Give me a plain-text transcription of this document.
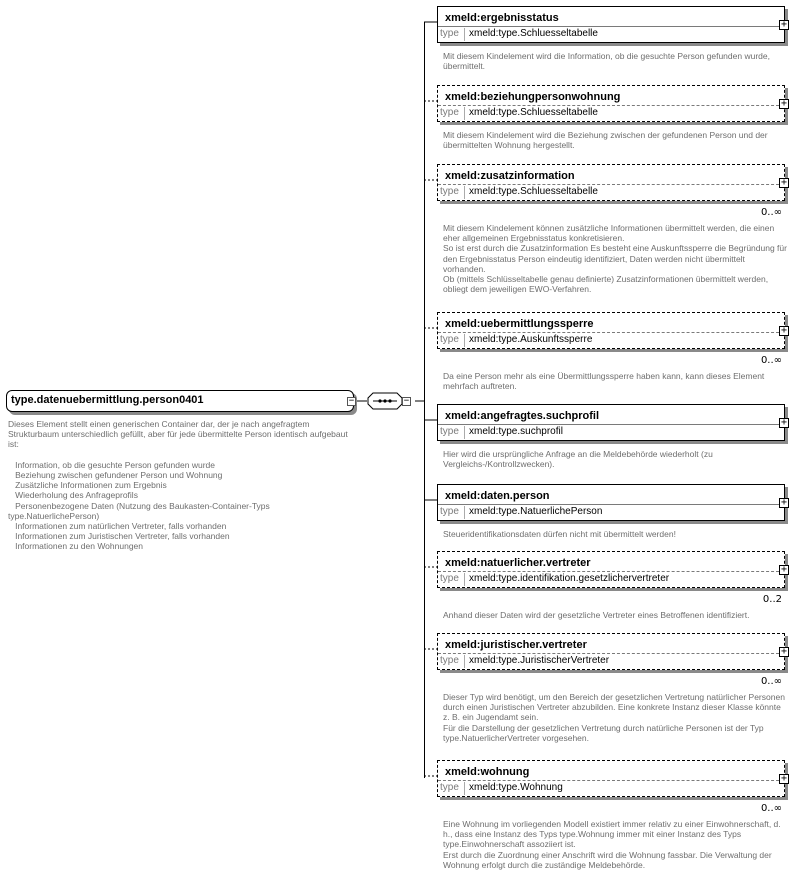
type.datenuebermittlung.person0401	−
Dieses Element stellt einen generischen Container dar, der je nach angefragtem Strukturbaum unterschiedlich gefüllt, aber für jede übermittelte Person identisch aufgebaut ist:

Information, ob die gesuchte Person gefunden wurde
Beziehung zwischen gefundener Person und Wohnung
Zusätzliche Informationen zum Ergebnis
Wiederholung des Anfrageprofils
Personenbezogene Daten (Nutzung des Baukasten-Container-Typs type.NatuerlichePerson)
Informationen zum natürlichen Vertreter, falls vorhanden
Informationen zum Juristischen Vertreter, falls vorhanden
Informationen zu den Wohnungen
−
xmeld:ergebnisstatus
type	xmeld:type.Schluesseltabelle
+
Mit diesem Kindelement wird die Information, ob die gesuchte Person gefunden wurde, übermittelt.
xmeld:beziehungpersonwohnung
type	xmeld:type.Schluesseltabelle
+
Mit diesem Kindelement wird die Beziehung zwischen der gefundenen Person und der übermittelten Wohnung hergestellt.
xmeld:zusatzinformation
type	xmeld:type.Schluesseltabelle
+
0..∞
Mit diesem Kindelement können zusätzliche Informationen übermittelt werden, die einen eher allgemeinen Ergebnisstatus konkretisieren.
So ist erst durch die Zusatzinformation Es besteht eine Auskunftssperre die Begründung für den Ergebnisstatus Person eindeutig identifiziert, Daten werden nicht übermittelt vorhanden.
Ob (mittels Schlüsseltabelle genau definierte) Zusatzinformationen übermittelt werden, obliegt dem jeweiligen EWO-Verfahren.
xmeld:uebermittlungssperre
type	xmeld:type.Auskunftssperre
+
0..∞
Da eine Person mehr als eine Übermittlungssperre haben kann, kann dieses Element mehrfach auftreten.
xmeld:angefragtes.suchprofil
type	xmeld:type.suchprofil
+
Hier wird die ursprüngliche Anfrage an die Meldebehörde wiederholt (zu Vergleichs-/Kontrollzwecken).
xmeld:daten.person
type	xmeld:type.NatuerlichePerson
+
Steueridentifikationsdaten dürfen nicht mit übermittelt werden!
xmeld:natuerlicher.vertreter
type	xmeld:type.identifikation.gesetzlichervertreter
+
0..2
Anhand dieser Daten wird der gesetzliche Vertreter eines Betroffenen identifiziert.
xmeld:juristischer.vertreter
type	xmeld:type.JuristischerVertreter
+
0..∞
Dieser Typ wird benötigt, um den Bereich der gesetzlichen Vertretung natürlicher Personen durch einen Juristischen Vertreter abzubilden. Eine konkrete Instanz dieser Klasse könnte z. B. ein Jugendamt sein.
Für die Darstellung der gesetzlichen Vertretung durch natürliche Personen ist der Typ type.NatuerlicherVertreter vorgesehen.
xmeld:wohnung
type	xmeld:type.Wohnung
+
0..∞
Eine Wohnung im vorliegenden Modell existiert immer relativ zu einer Einwohnerschaft, d. h., dass eine Instanz des Typs type.Wohnung immer mit einer Instanz des Typs type.Einwohnerschaft assoziiert ist.
Erst durch die Zuordnung einer Anschrift wird die Wohnung fassbar. Die Verwaltung der Wohnung erfolgt durch die zuständige Meldebehörde.
